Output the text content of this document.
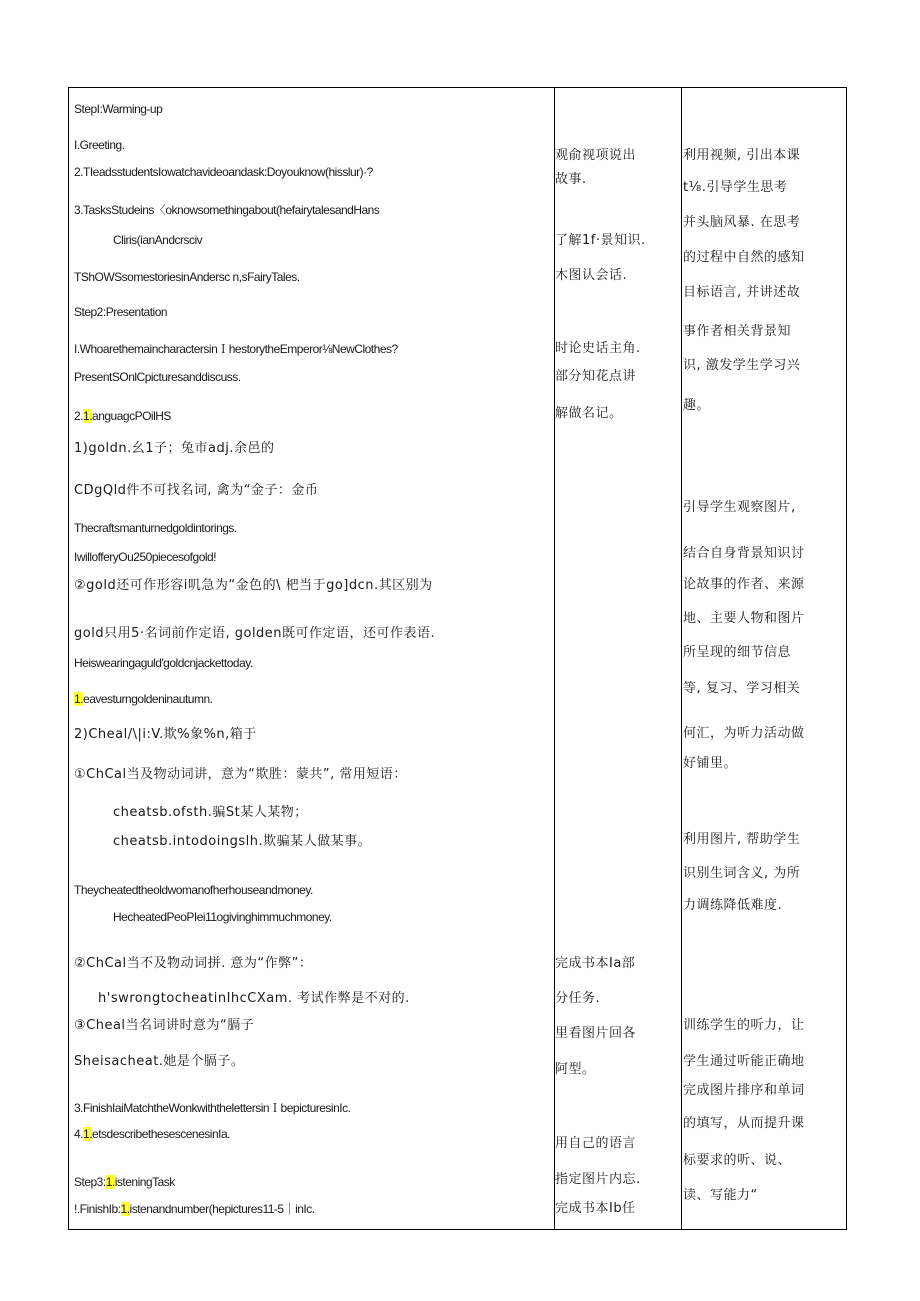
StepI:Warming-up
I.Greeting.
2.TIeadsstudentsIowatchavideoandask:Doyouknow(hisslur)·?
3.TasksStudeins〈oknowsomethingabout(hefairytalesandHans
Cliris(ianAndcrsciv
TShOWSsomestoriesinAndersc n,sFairyTales.
Step2:Presentation
I.WhoarethemaincharactersinＩhestorytheEmperor⅛NewClothes?
PresentSOnlCpicturesanddiscuss.
2.1.anguagcPOilHS
1)goldn.幺1子；兔市adj.余邑的
CDgQld件不可找名词, 禽为“金子：金币
Thecraftsmanturnedgoldintorings.
IwillofferyOu250piecesofgold!
②gold还可作形容i叽急为“金色的\ 杷当于go]dcn.其区别为
gold只用5·名词前作定语, golden既可作定语，还可作表语.
Heiswearingaguld'goldcnjackettoday.
1.eavesturngoldeninautumn.
2)Cheal/\|i:V.欺%象%n,箱于
①ChCal当及物动词讲，意为“欺胜：蒙共”, 常用短语：
cheatsb.ofsth.骗St某人某物；
cheatsb.intodoingslh.欺骗某人做某事。
Theycheatedtheoldwomanofherhouseandmoney.
HecheatedPeoPIei11ogivinghimmuchmoney.
②ChCal当不及物动词拼. 意为“作弊”：
h'swrongtocheatinIhcCXam. 考试作弊是不对的.
③Cheal当名词讲时意为“膈子
Sheisacheat.她是个膈子。
3.FinishIaiMatchtheWonkwiththelettersinＩbepicturesinIc.
4.1.etsdescribethesescenesinIa.
Step3:1.isteningTask
!.FinishIb:1.istenandnumber(hepictures11-5｜inIc.
观俞视项说出
故事.
了解1f·景知识.
木图认会话.
时论史话主角.
部分知花点讲
解做名记。
完成书本Ia部
分任务.
里看图片回各
阿型。
用自己的语言
指定图片内忘.
完成书本Ib任
利用视频, 引出本课
t⅛.引导学生思考
并头脑风暴. 在思考
的过程中自然的感知
目标语言, 并讲述故
事作者相关背景知
识, 激发学生学习兴
趣。
引导学生观察图片,
结合自身背景知识讨
论故事的作者、来源
地、主要人物和图片
所呈现的细节信息
等, 复习、学习相关
何汇，为听力活动做
好铺里。
利用图片, 帮助学生
识别生词含义, 为所
力调练降低难度.
训练学生的听力，让
学生通过听能正确地
完成图片排序和单词
的填写，从而提升课
标要求的听、说、
读、写能力“
